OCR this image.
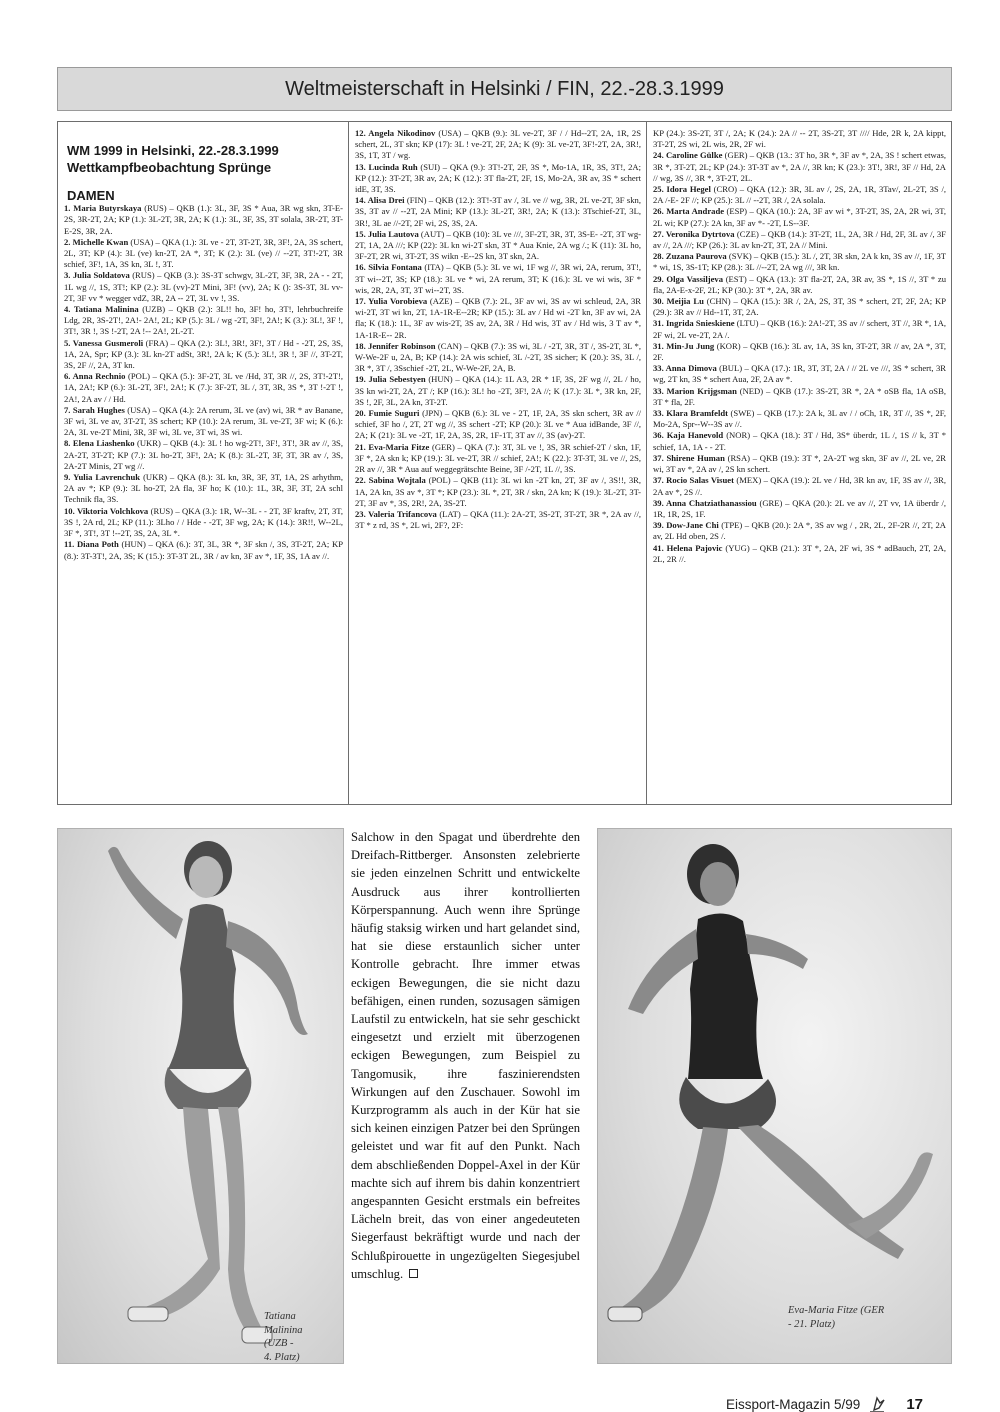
Weltmeisterschaft in Helsinki / FIN, 22.-28.3.1999
WM 1999 in Helsinki, 22.-28.3.1999
Wettkampfbeobachtung Sprünge
DAMEN

1. Maria Butyrskaya (RUS) – QKB (1.): 3L, 3F, 3S * Aua, 3R wg skn, 3T-E-2S, 3R-2T, 2A; KP (1.): 3L-2T, 3R, 2A; K (1.): 3L, 3F, 3S, 3T solala, 3R-2T, 3T-E-2S, 3R, 2A.

2. Michelle Kwan (USA) – QKA (1.): 3L ve - 2T, 3T-2T, 3R, 3F!, 2A, 3S schert, 2L, 3T; KP (4.): 3L (ve) kn-2T, 2A *, 3T; K (2.): 3L (ve) // --2T, 3T!-2T, 3R schief, 3F!, 1A, 3S kn, 3L !, 3T.

3. Julia Soldatova (RUS) – QKB (3.): 3S-3T schwgv, 3L-2T, 3F, 3R, 2A - - 2T, 1L wg //, 1S, 3T!; KP (2.): 3L (vv)-2T Mini, 3F! (vv), 2A; K (): 3S-3T, 3L vv-2T, 3F vv * wegger vdZ, 3R, 2A -- 2T, 3L vv !, 3S.

4. Tatiana Malinina (UZB) – QKB (2.): 3L!! ho, 3F! ho, 3T!, lehrbuchreife Ldg, 2R, 3S-2T!, 2A!- 2A!, 2L; KP (5.): 3L / wg -2T, 3F!, 2A!; K (3.): 3L!, 3F !, 3T!, 3R !, 3S !-2T, 2A !-- 2A!, 2L-2T.

5. Vanessa Gusmeroli (FRA) – QKA (2.): 3L!, 3R!, 3F!, 3T / Hd - -2T, 2S, 3S, 1A, 2A, Spr; KP (3.): 3L kn-2T adSt, 3R!, 2A k; K (5.): 3L!, 3R !, 3F //, 3T-2T, 3S, 2F //, 2A, 3T kn.

6. Anna Rechnio (POL) – QKA (5.): 3F-2T, 3L ve /Hd, 3T, 3R //, 2S, 3T!-2T!, 1A, 2A!; KP (6.): 3L-2T, 3F!, 2A!; K (7.): 3F-2T, 3L /, 3T, 3R, 3S *, 3T !-2T !, 2A!, 2A av / / Hd.

7. Sarah Hughes (USA) – QKA (4.): 2A rerum, 3L ve (av) wi, 3R * av Banane, 3F wi, 3L ve av, 3T-2T, 3S schert; KP (10.): 2A rerum, 3L ve-2T, 3F wi; K (6.): 2A, 3L ve-2T Mini, 3R, 3F wi, 3L ve, 3T wi, 3S wi.

8. Elena Liashenko (UKR) – QKB (4.): 3L ! ho wg-2T!, 3F!, 3T!, 3R av //, 3S, 2A-2T, 3T-2T; KP (7.): 3L ho-2T, 3F!, 2A; K (8.): 3L-2T, 3F, 3T, 3R av /, 3S, 2A-2T Minis, 2T wg //.

9. Yulia Lavrenchuk (UKR) – QKA (8.): 3L kn, 3R, 3F, 3T, 1A, 2S arhythm, 2A av *; KP (9.): 3L ho-2T, 2A fla, 3F ho; K (10.): 1L, 3R, 3F, 3T, 2A schl Technik fla, 3S.

10. Viktoria Volchkova (RUS) – QKA (3.): 1R, W--3L - - 2T, 3F kraftv, 2T, 3T, 3S !, 2A rd, 2L; KP (11.): 3Lho / / Hde - -2T, 3F wg, 2A; K (14.): 3R!!, W--2L, 3F *, 3T!, 3T !--2T, 3S, 2A, 3L *.

11. Diana Poth (HUN) – QKA (6.): 3T, 3L, 3R *, 3F skn /, 3S, 3T-2T, 2A; KP (8.): 3T-3T!, 2A, 3S; K (15.): 3T-3T 2L, 3R / av kn, 3F av *, 1F, 3S, 1A av //.

12. Angela Nikodinov (USA) – QKB (9.): 3L ve-2T, 3F / / Hd--2T, 2A, 1R, 2S schert, 2L, 3T skn; KP (17): 3L ! ve-2T, 2F, 2A; K (9): 3L ve-2T, 3F!-2T, 2A, 3R!, 3S, 1T, 3T / wg.

13. Lucinda Ruh (SUI) – QKA (9.): 3T!-2T, 2F, 3S *, Mo-1A, 1R, 3S, 3T!, 2A; KP (12.): 3T-2T, 3R av, 2A; K (12.): 3T fla-2T, 2F, 1S, Mo-2A, 3R av, 3S * schert idE, 3T, 3S.

14. Alisa Drei (FIN) – QKB (12.): 3T!-3T av /, 3L ve // wg, 3R, 2L ve-2T, 3F skn, 3S, 3T av // --2T, 2A Mini; KP (13.): 3L-2T, 3R!, 2A; K (13.): 3Tschief-2T, 3L, 3R!, 3L ae //-2T, 2F wi, 2S, 3S, 2A.

15. Julia Lautova (AUT) – QKB (10): 3L ve ///, 3F-2T, 3R, 3T, 3S-E- -2T, 3T wg-2T, 1A, 2A ///; KP (22): 3L kn wi-2T skn, 3T * Aua Knie, 2A wg /.; K (11): 3L ho, 3F-2T, 2R wi, 3T-2T, 3S wikn -E--2S kn, 3T skn, 2A.

16. Silvia Fontana (ITA) – QKB (5.): 3L ve wi, 1F wg //, 3R wi, 2A, rerum, 3T!, 3T wi--2T, 3S; KP (18.): 3L ve * wi, 2A rerum, 3T; K (16.): 3L ve wi wis, 3F * wis, 2R, 2A, 3T, 3T wi--2T, 3S.

17. Yulia Vorobieva (AZE) – QKB (7.): 2L, 3F av wi, 3S av wi schleud, 2A, 3R wi-2T, 3T wi kn, 2T, 1A-1R-E--2R; KP (15.): 3L av / Hd wi -2T kn, 3F av wi, 2A fla; K (18.): 1L, 3F av wis-2T, 3S av, 2A, 3R / Hd wis, 3T av / Hd wis, 3 T av *, 1A-1R-E-- 2R.

18. Jennifer Robinson (CAN) – QKB (7.): 3S wi, 3L / -2T, 3R, 3T /, 3S-2T, 3L *, W-We-2F u, 2A, B; KP (14.): 2A wis schief, 3L /-2T, 3S sicher; K (20.): 3S, 3L /, 3R *, 3T /, 3Sschief -2T, 2L, W-We-2F, 2A, B.

19. Julia Sebestyen (HUN) – QKA (14.): 1L A3, 2R * 1F, 3S, 2F wg //, 2L / ho, 3S kn wi-2T, 2A, 2T /; KP (16.): 3L! ho -2T, 3F!, 2A //; K (17.): 3L *, 3R kn, 2F, 3S !, 2F, 3L, 2A kn, 3T-2T.

20. Fumie Suguri (JPN) – QKB (6.): 3L ve - 2T, 1F, 2A, 3S skn schert, 3R av // schief, 3F ho /, 2T, 2T wg //, 3S schert -2T; KP (20.): 3L ve * Aua idBande, 3F //, 2A; K (21): 3L ve -2T, 1F, 2A, 3S, 2R, 1F-1T, 3T av //, 3S (av)-2T.

21. Eva-Maria Fitze (GER) – QKA (7.): 3T, 3L ve !, 3S, 3R schief-2T / skn, 1F, 3F *, 2A skn k; KP (19.): 3L ve-2T, 3R // schief, 2A!; K (22.): 3T-3T, 3L ve //, 2S, 2R av //, 3R * Aua auf weggegrätschte Beine, 3F /-2T, 1L //, 3S.

22. Sabina Wojtala (POL) – QKB (11): 3L wi kn -2T kn, 2T, 3F av /, 3S!!, 3R, 1A, 2A kn, 3S av *, 3T *; KP (23.): 3L *, 2T, 3R / skn, 2A kn; K (19.): 3L-2T, 3T-2T, 3F av *, 3S, 2R!, 2A, 3S-2T.

23. Valeria Trifancova (LAT) – QKA (11.): 2A-2T, 3S-2T, 3T-2T, 3R *, 2A av //, 3T * z rd, 3S *, 2L wi, 2F?, 2F:

KP (24.): 3S-2T, 3T /, 2A; K (24.): 2A // -- 2T, 3S-2T, 3T //// Hde, 2R k, 2A kippt, 3T-2T, 2S wi, 2L wis, 2R, 2F wi.

24. Caroline Gülke (GER) – QKB (13.: 3T ho, 3R *, 3F av *, 2A, 3S ! schert etwas, 3R *, 3T-2T, 2L; KP (24.): 3T-3T av *, 2A //, 3R kn; K (23.): 3T!, 3R!, 3F // Hd, 2A // wg, 3S //, 3R *, 3T-2T, 2L.

25. Idora Hegel (CRO) – QKA (12.): 3R, 3L av /, 2S, 2A, 1R, 3Tav/, 2L-2T, 3S /, 2A /-E- 2F //; KP (25.): 3L // --2T, 3R /, 2A solala.

26. Marta Andrade (ESP) – QKA (10.): 2A, 3F av wi *, 3T-2T, 3S, 2A, 2R wi, 3T, 2L wi; KP (27.): 2A kn, 3F av *- -2T, LS--3F.

27. Veronika Dytrtova (CZE) – QKB (14.): 3T-2T, 1L, 2A, 3R / Hd, 2F, 3L av /, 3F av //, 2A ///; KP (26.): 3L av kn-2T, 3T, 2A // Mini.

28. Zuzana Paurova (SVK) – QKB (15.): 3L /, 2T, 3R skn, 2A k kn, 3S av //, 1F, 3T * wi, 1S, 3S-1T; KP (28.): 3L //--2T, 2A wg ///, 3R kn.

29. Olga Vassiljeva (EST) – QKA (13.): 3T fla-2T, 2A, 3R av, 3S *, 1S //, 3T * zu fla, 2A-E-x-2F, 2L; KP (30.): 3T *, 2A, 3R av.

30. Meijia Lu (CHN) – QKA (15.): 3R /, 2A, 2S, 3T, 3S * schert, 2T, 2F, 2A; KP (29.): 3R av // Hd--1T, 3T, 2A.

31. Ingrida Snieskiene (LTU) – QKB (16.): 2A!-2T, 3S av // schert, 3T //, 3R *, 1A, 2F wi, 2L ve-2T, 2A /.

31. Min-Ju Jung (KOR) – QKB (16.): 3L av, 1A, 3S kn, 3T-2T, 3R // av, 2A *, 3T, 2F.

33. Anna Dimova (BUL) – QKA (17.): 1R, 3T, 3T, 2A / // 2L ve ///, 3S * schert, 3R wg, 2T kn, 3S * schert Aua, 2F, 2A av *.

33. Marion Krijgsman (NED) – QKB (17.): 3S-2T, 3R *, 2A * oSB fla, 1A oSB, 3T * fla, 2F.

33. Klara Bramfeldt (SWE) – QKB (17.): 2A k, 3L av / / oCh, 1R, 3T //, 3S *, 2F, Mo-2A, Spr--W--3S av //.

36. Kaja Hanevold (NOR) – QKA (18.): 3T / Hd, 3S* überdr, 1L /, 1S // k, 3T * schief, 1A, 1A - - 2T.

37. Shirene Human (RSA) – QKB (19.): 3T *, 2A-2T wg skn, 3F av //, 2L ve, 2R wi, 3T av *, 2A av /, 2S kn schert.

37. Rocio Salas Visuet (MEX) – QKA (19.): 2L ve / Hd, 3R kn av, 1F, 3S av //, 3R, 2A av *, 2S //.

39. Anna Chatziathanassiou (GRE) – QKA (20.): 2L ve av //, 2T vv, 1A überdr /, 1R, 1R, 2S, 1F.

39. Dow-Jane Chi (TPE) – QKB (20.): 2A *, 3S av wg / , 2R, 2L, 2F-2R //, 2T, 2A av, 2L Hd oben, 2S /.

41. Helena Pajovic (YUG) – QKB (21.): 3T *, 2A, 2F wi, 3S * adBauch, 2T, 2A, 2L, 2R //.

Tatiana
Malinina
(UZB -
4. Platz)
Salchow in den Spagat und überdrehte den Dreifach-Rittberger. Ansonsten zelebrierte sie jeden einzelnen Schritt und entwickelte Ausdruck aus ihrer kontrollierten Körperspannung. Auch wenn ihre Sprünge häufig staksig wirken und hart gelandet sind, hat sie diese erstaunlich sicher unter Kontrolle gebracht. Ihre immer etwas eckigen Bewegungen, die sie nicht dazu befähigen, einen runden, sozusagen sämigen Laufstil zu entwickeln, hat sie sehr geschickt eingesetzt und erzielt mit überzogenen eckigen Bewegungen, zum Beispiel zu Tangomusik, ihre faszinierendsten Wirkungen auf den Zuschauer. Sowohl im Kurzprogramm als auch in der Kür hat sie sich keinen einzigen Patzer bei den Sprüngen geleistet und war fit auf den Punkt. Nach dem abschließenden Doppel-Axel in der Kür machte sich auf ihrem bis dahin konzentriert angespannten Gesicht erstmals ein befreites Lächeln breit, das von einer angedeuteten Siegerfaust bekräftigt wurde und nach der Schlußpirouette in ungezügelten Siegesjubel umschlug.
Eva-Maria Fitze (GER
- 21. Platz)
Eissport-Magazin 5/99	17
